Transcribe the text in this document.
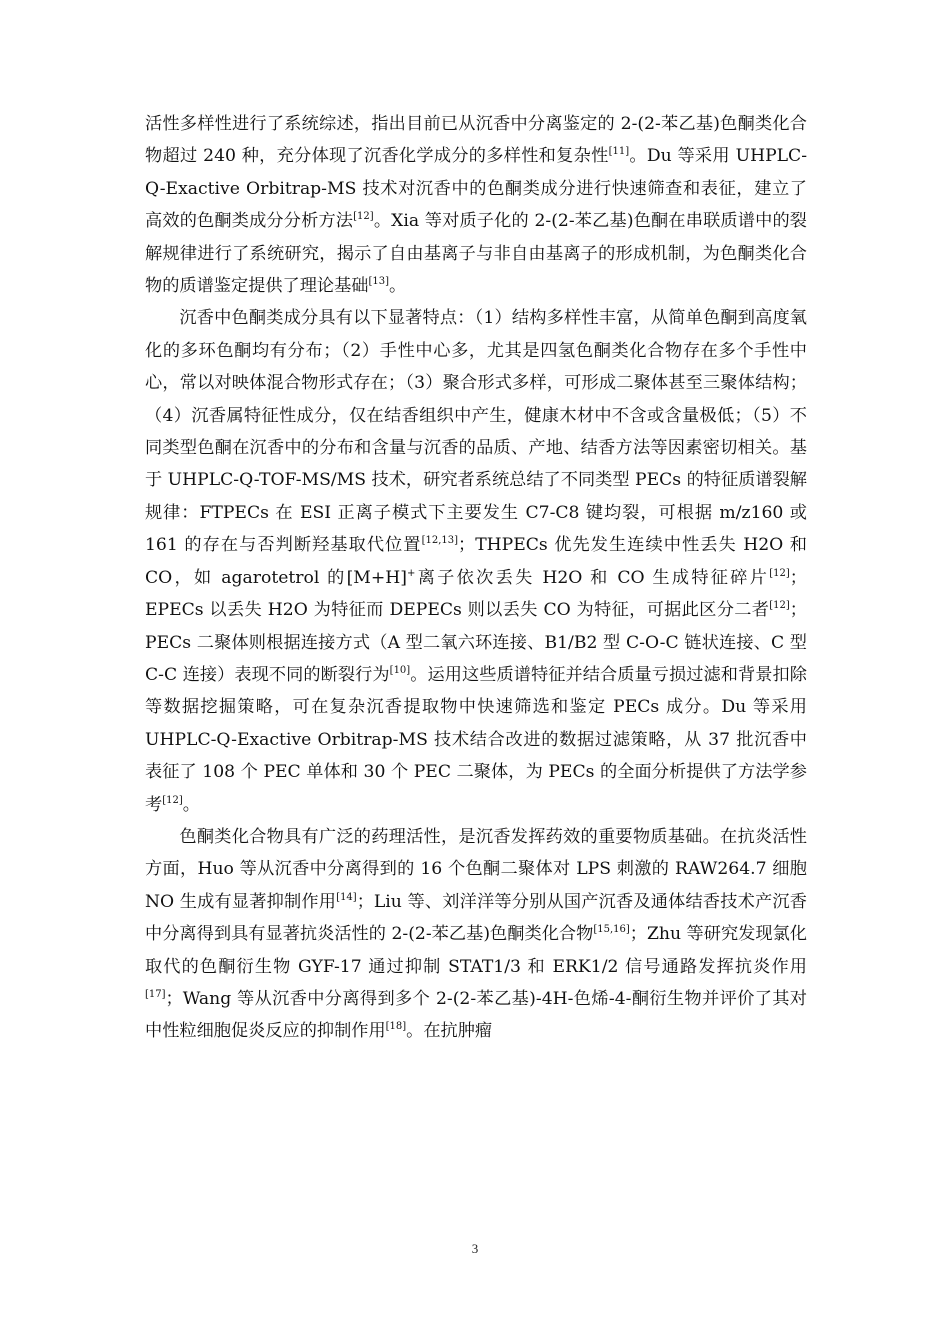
活性多样性进行了系统综述，指出目前已从沉香中分离鉴定的 2-(2-苯乙基)色酮类化合物超过 240 种，充分体现了沉香化学成分的多样性和复杂性[11]。Du 等采用 UHPLC-Q-Exactive Orbitrap-MS 技术对沉香中的色酮类成分进行快速筛查和表征，建立了高效的色酮类成分分析方法[12]。Xia 等对质子化的 2-(2-苯乙基)色酮在串联质谱中的裂解规律进行了系统研究，揭示了自由基离子与非自由基离子的形成机制，为色酮类化合物的质谱鉴定提供了理论基础[13]。

沉香中色酮类成分具有以下显著特点：（1）结构多样性丰富，从简单色酮到高度氧化的多环色酮均有分布；（2）手性中心多，尤其是四氢色酮类化合物存在多个手性中心，常以对映体混合物形式存在；（3）聚合形式多样，可形成二聚体甚至三聚体结构；（4）沉香属特征性成分，仅在结香组织中产生，健康木材中不含或含量极低；（5）不同类型色酮在沉香中的分布和含量与沉香的品质、产地、结香方法等因素密切相关。基于 UHPLC-Q-TOF-MS/MS 技术，研究者系统总结了不同类型 PECs 的特征质谱裂解规律：FTPECs 在 ESI 正离子模式下主要发生 C7-C8 键均裂，可根据 m/z160 或 161 的存在与否判断羟基取代位置[12,13]；THPECs 优先发生连续中性丢失 H2O 和 CO，如 agarotetrol 的[M+H]+离子依次丢失 H2O 和 CO 生成特征碎片[12]；EPECs 以丢失 H2O 为特征而 DEPECs 则以丢失 CO 为特征，可据此区分二者[12]；PECs 二聚体则根据连接方式（A 型二氧六环连接、B1/B2 型 C-O-C 链状连接、C 型 C-C 连接）表现不同的断裂行为[10]。运用这些质谱特征并结合质量亏损过滤和背景扣除等数据挖掘策略，可在复杂沉香提取物中快速筛选和鉴定 PECs 成分。Du 等采用 UHPLC-Q-Exactive Orbitrap-MS 技术结合改进的数据过滤策略，从 37 批沉香中表征了 108 个 PEC 单体和 30 个 PEC 二聚体，为 PECs 的全面分析提供了方法学参考[12]。

色酮类化合物具有广泛的药理活性，是沉香发挥药效的重要物质基础。在抗炎活性方面，Huo 等从沉香中分离得到的 16 个色酮二聚体对 LPS 刺激的 RAW264.7 细胞 NO 生成有显著抑制作用[14]；Liu 等、刘洋洋等分别从国产沉香及通体结香技术产沉香中分离得到具有显著抗炎活性的 2-(2-苯乙基)色酮类化合物[15,16]；Zhu 等研究发现氯化取代的色酮衍生物 GYF-17 通过抑制 STAT1/3 和 ERK1/2 信号通路发挥抗炎作用[17]；Wang 等从沉香中分离得到多个 2-(2-苯乙基)-4H-色烯-4-酮衍生物并评价了其对中性粒细胞促炎反应的抑制作用[18]。在抗肿瘤

3
